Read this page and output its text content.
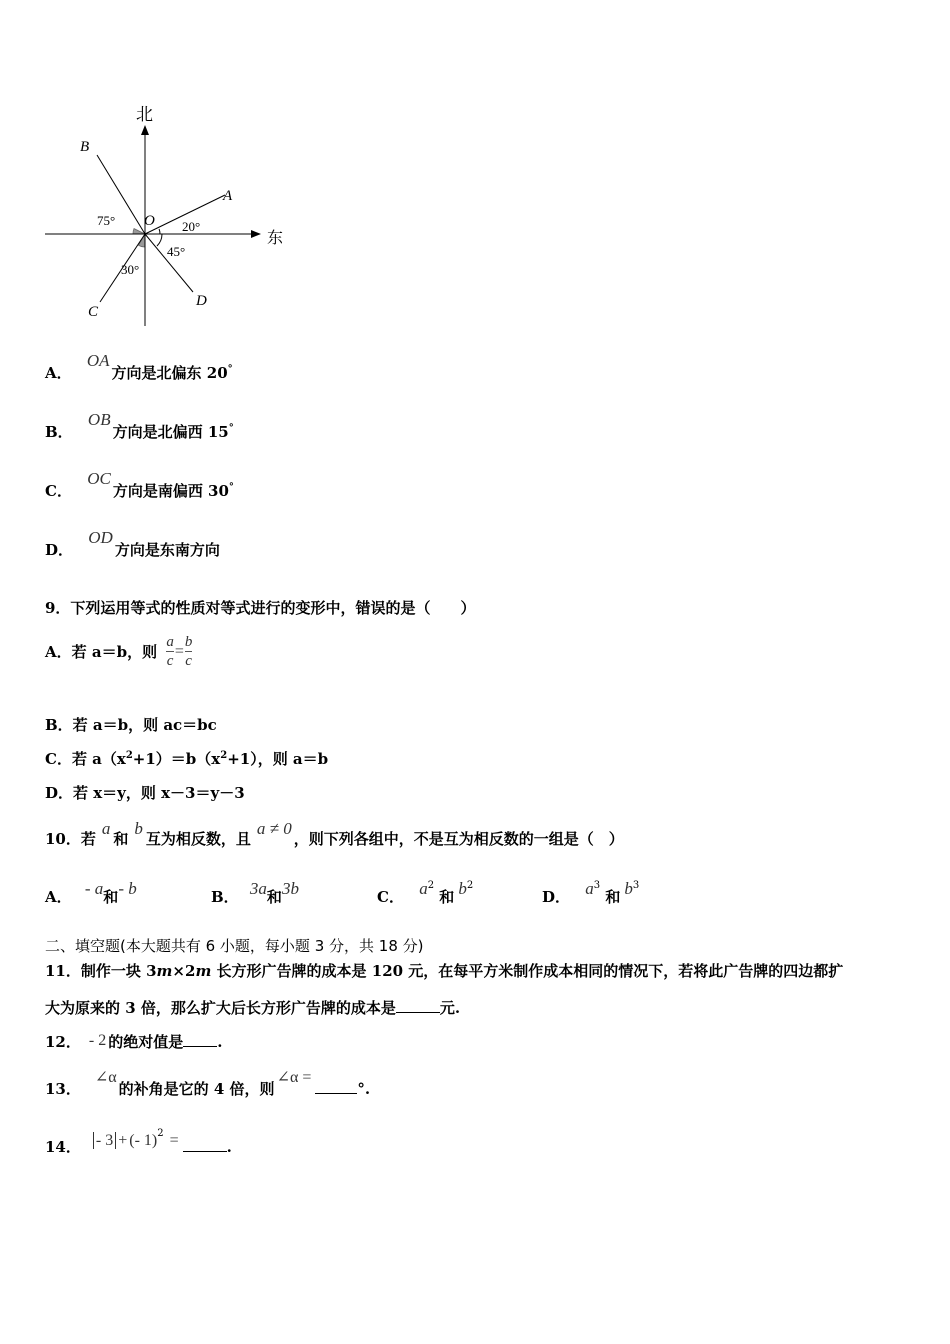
北
东
B
A
O
C
D
75°	20°
45°
30°
A． OA方向是北偏东 20°
B． OB方向是北偏西 15°
C． OC方向是南偏西 30°
D． OD方向是东南方向
9．下列运用等式的性质对等式进行的变形中，错误的是（　　）
A．若 a＝b，则 $\frac{a}{c} = \frac{b}{c}$
B．若 a＝b，则 ac＝bc
C．若 $a(x^2+1)=b(x^2+1)$，则 a＝b
D．若 x＝y，则 x－3＝y－3
10．若a和b互为相反数，且a ≠ 0，则下列各组中，不是互为相反数的一组是（　）
A． - a和- b	B． 3a和3b	C． $a^2$ 和 $b^2$
D． $a^3$ 和 $b^3$
二、填空题(本大题共有 6 小题，每小题 3 分，共 18 分)
11．制作一块 3m×2m 长方形广告牌的成本是 120 元，在每平方米制作成本相同的情况下，若将此广告牌的四边都扩
大为原来的 3 倍，那么扩大后长方形广告牌的成本是	元.
12． - 2 的绝对值是 .
13．∠α的补角是它的 4 倍，则∠α =°.
14． - 3 + (- 1)$^2$ =	.
